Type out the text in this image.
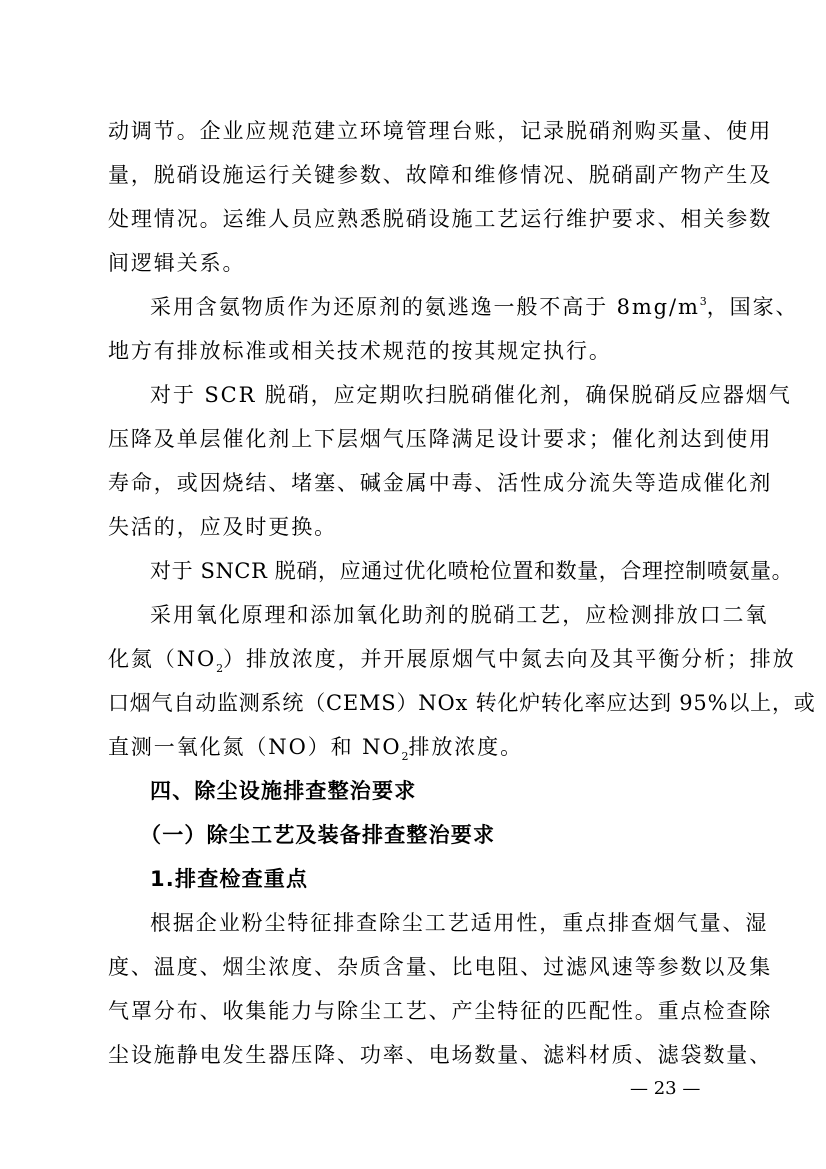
动调节。企业应规范建立环境管理台账，记录脱硝剂购买量、使用
量，脱硝设施运行关键参数、故障和维修情况、脱硝副产物产生及
处理情况。运维人员应熟悉脱硝设施工艺运行维护要求、相关参数
间逻辑关系。
采用含氨物质作为还原剂的氨逃逸一般不高于 $8mg/m^3$，国家、
地方有排放标准或相关技术规范的按其规定执行。
对于 SCR 脱硝，应定期吹扫脱硝催化剂，确保脱硝反应器烟气
压降及单层催化剂上下层烟气压降满足设计要求；催化剂达到使用
寿命，或因烧结、堵塞、碱金属中毒、活性成分流失等造成催化剂
失活的，应及时更换。
对于 SNCR 脱硝，应通过优化喷枪位置和数量，合理控制喷氨量。
采用氧化原理和添加氧化助剂的脱硝工艺，应检测排放口二氧
化氮$(NO_2)$排放浓度，并开展原烟气中氮去向及其平衡分析；排放
口烟气自动监测系统（CEMS）NOx 转化炉转化率应达到 95%以上，或
直测一氧化氮（NO）和 $NO_2$排放浓度。
四、除尘设施排查整治要求
（一）除尘工艺及装备排查整治要求
1.排查检查重点
根据企业粉尘特征排查除尘工艺适用性，重点排查烟气量、湿
度、温度、烟尘浓度、杂质含量、比电阻、过滤风速等参数以及集
气罩分布、收集能力与除尘工艺、产尘特征的匹配性。重点检查除
尘设施静电发生器压降、功率、电场数量、滤料材质、滤袋数量、
— 23 —
